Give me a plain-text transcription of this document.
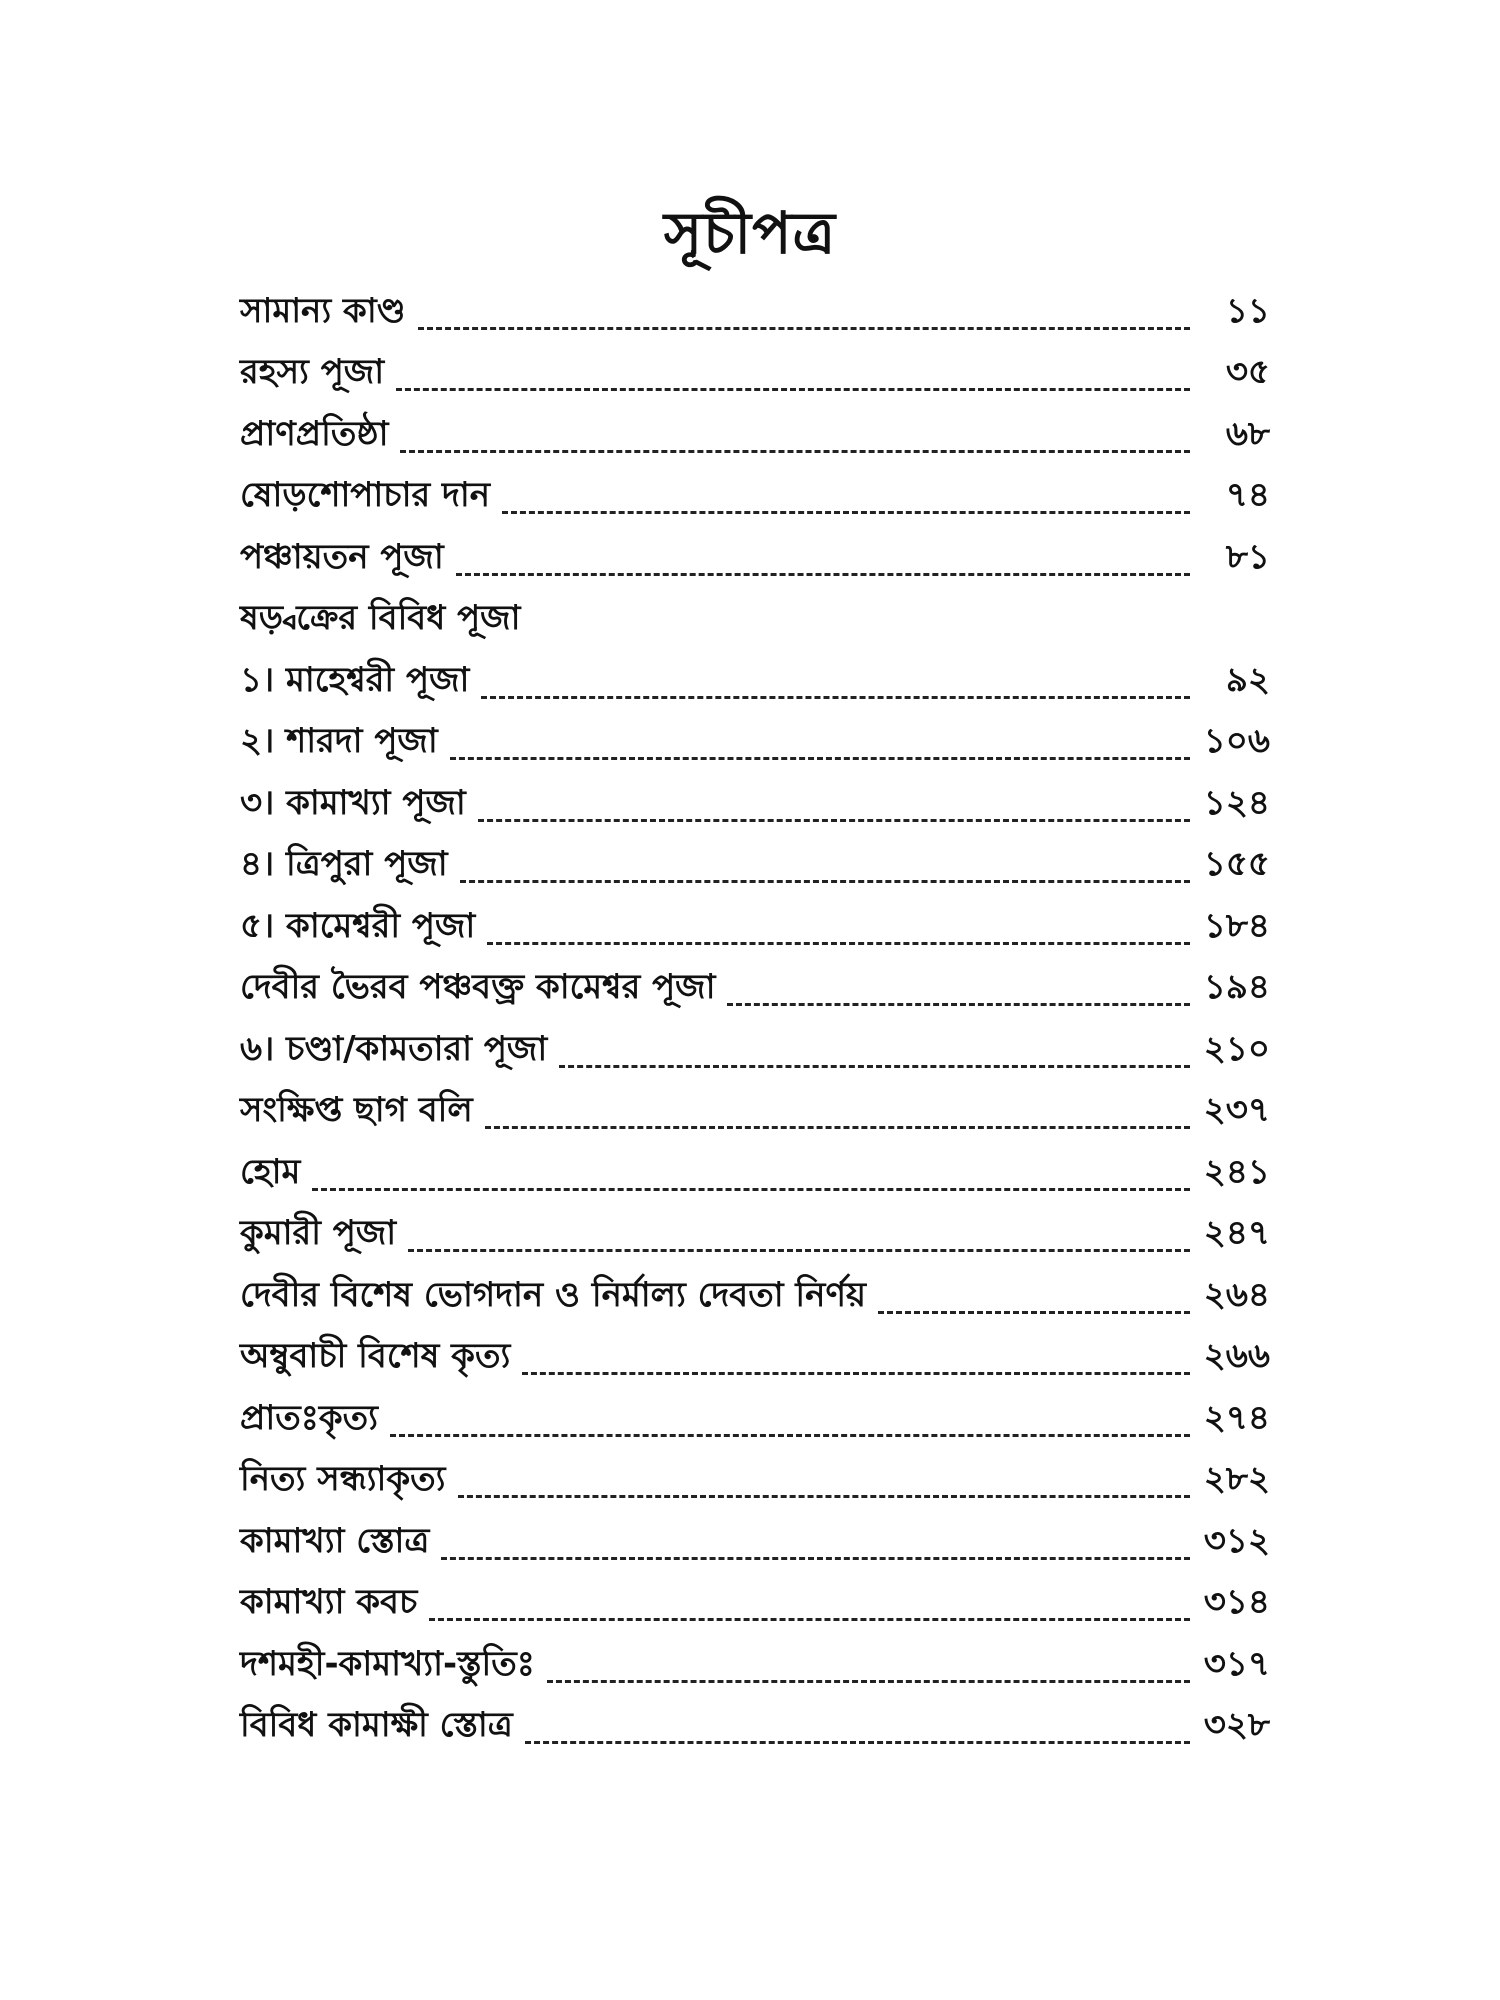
সূচীপত্র
সামান্য কাণ্ড	১১
রহস্য পূজা	৩৫
প্রাণপ্রতিষ্ঠা	৬৮
ষোড়শোপাচার দান	৭৪
পঞ্চায়তন পূজা	৮১
ষড়্বক্রের বিবিধ পূজা
১। মাহেশ্বরী পূজা	৯২
২। শারদা পূজা	১০৬
৩। কামাখ্যা পূজা	১২৪
৪। ত্রিপুরা পূজা	১৫৫
৫। কামেশ্বরী পূজা	১৮৪
দেবীর ভৈরব পঞ্চবক্ত্র কামেশ্বর পূজা	১৯৪
৬। চণ্ডা/কামতারা পূজা	২১০
সংক্ষিপ্ত ছাগ বলি	২৩৭
হোম	২৪১
কুমারী পূজা	২৪৭
দেবীর বিশেষ ভোগদান ও নির্মাল্য দেবতা নির্ণয়	২৬৪
অম্বুবাচী বিশেষ কৃত্য	২৬৬
প্রাতঃকৃত্য	২৭৪
নিত্য সন্ধ্যাকৃত্য	২৮২
কামাখ্যা স্তোত্র	৩১২
কামাখ্যা কবচ	৩১৪
দশমহী-কামাখ্যা-স্তুতিঃ	৩১৭
বিবিধ কামাক্ষী স্তোত্র	৩২৮
